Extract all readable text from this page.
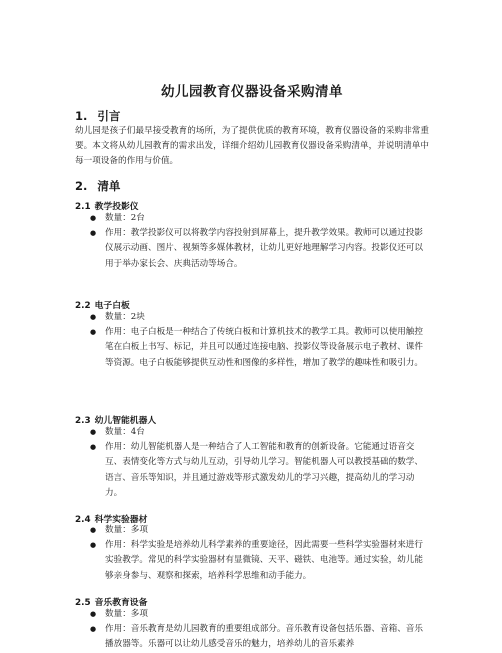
幼儿园教育仪器设备采购清单
1. 引言

幼儿园是孩子们最早接受教育的场所，为了提供优质的教育环境，教育仪器设备的采购非常重要。本文将从幼儿园教育的需求出发，详细介绍幼儿园教育仪器设备采购清单，并说明清单中每一项设备的作用与价值。

2. 清单
2.1 教学投影仪
● 数量：2台
● 作用：教学投影仪可以将教学内容投射到屏幕上，提升教学效果。教师可以通过投影仪展示动画、图片、视频等多媒体教材，让幼儿更好地理解学习内容。投影仪还可以用于举办家长会、庆典活动等场合。
2.2 电子白板
● 数量：2块
● 作用：电子白板是一种结合了传统白板和计算机技术的教学工具。教师可以使用触控笔在白板上书写、标记，并且可以通过连接电脑、投影仪等设备展示电子教材、课件等资源。电子白板能够提供互动性和图像的多样性，增加了教学的趣味性和吸引力。
2.3 幼儿智能机器人
● 数量：4台
● 作用：幼儿智能机器人是一种结合了人工智能和教育的创新设备。它能通过语音交互、表情变化等方式与幼儿互动，引导幼儿学习。智能机器人可以教授基础的数学、语言、音乐等知识，并且通过游戏等形式激发幼儿的学习兴趣，提高幼儿的学习动力。
2.4 科学实验器材
● 数量：多项
● 作用：科学实验是培养幼儿科学素养的重要途径，因此需要一些科学实验器材来进行实验教学。常见的科学实验器材有显微镜、天平、磁铁、电池等。通过实验，幼儿能够亲身参与、观察和探索，培养科学思维和动手能力。
2.5 音乐教育设备
● 数量：多项
● 作用：音乐教育是幼儿园教育的重要组成部分。音乐教育设备包括乐器、音箱、音乐播放器等。乐器可以让幼儿感受音乐的魅力，培养幼儿的音乐素养
